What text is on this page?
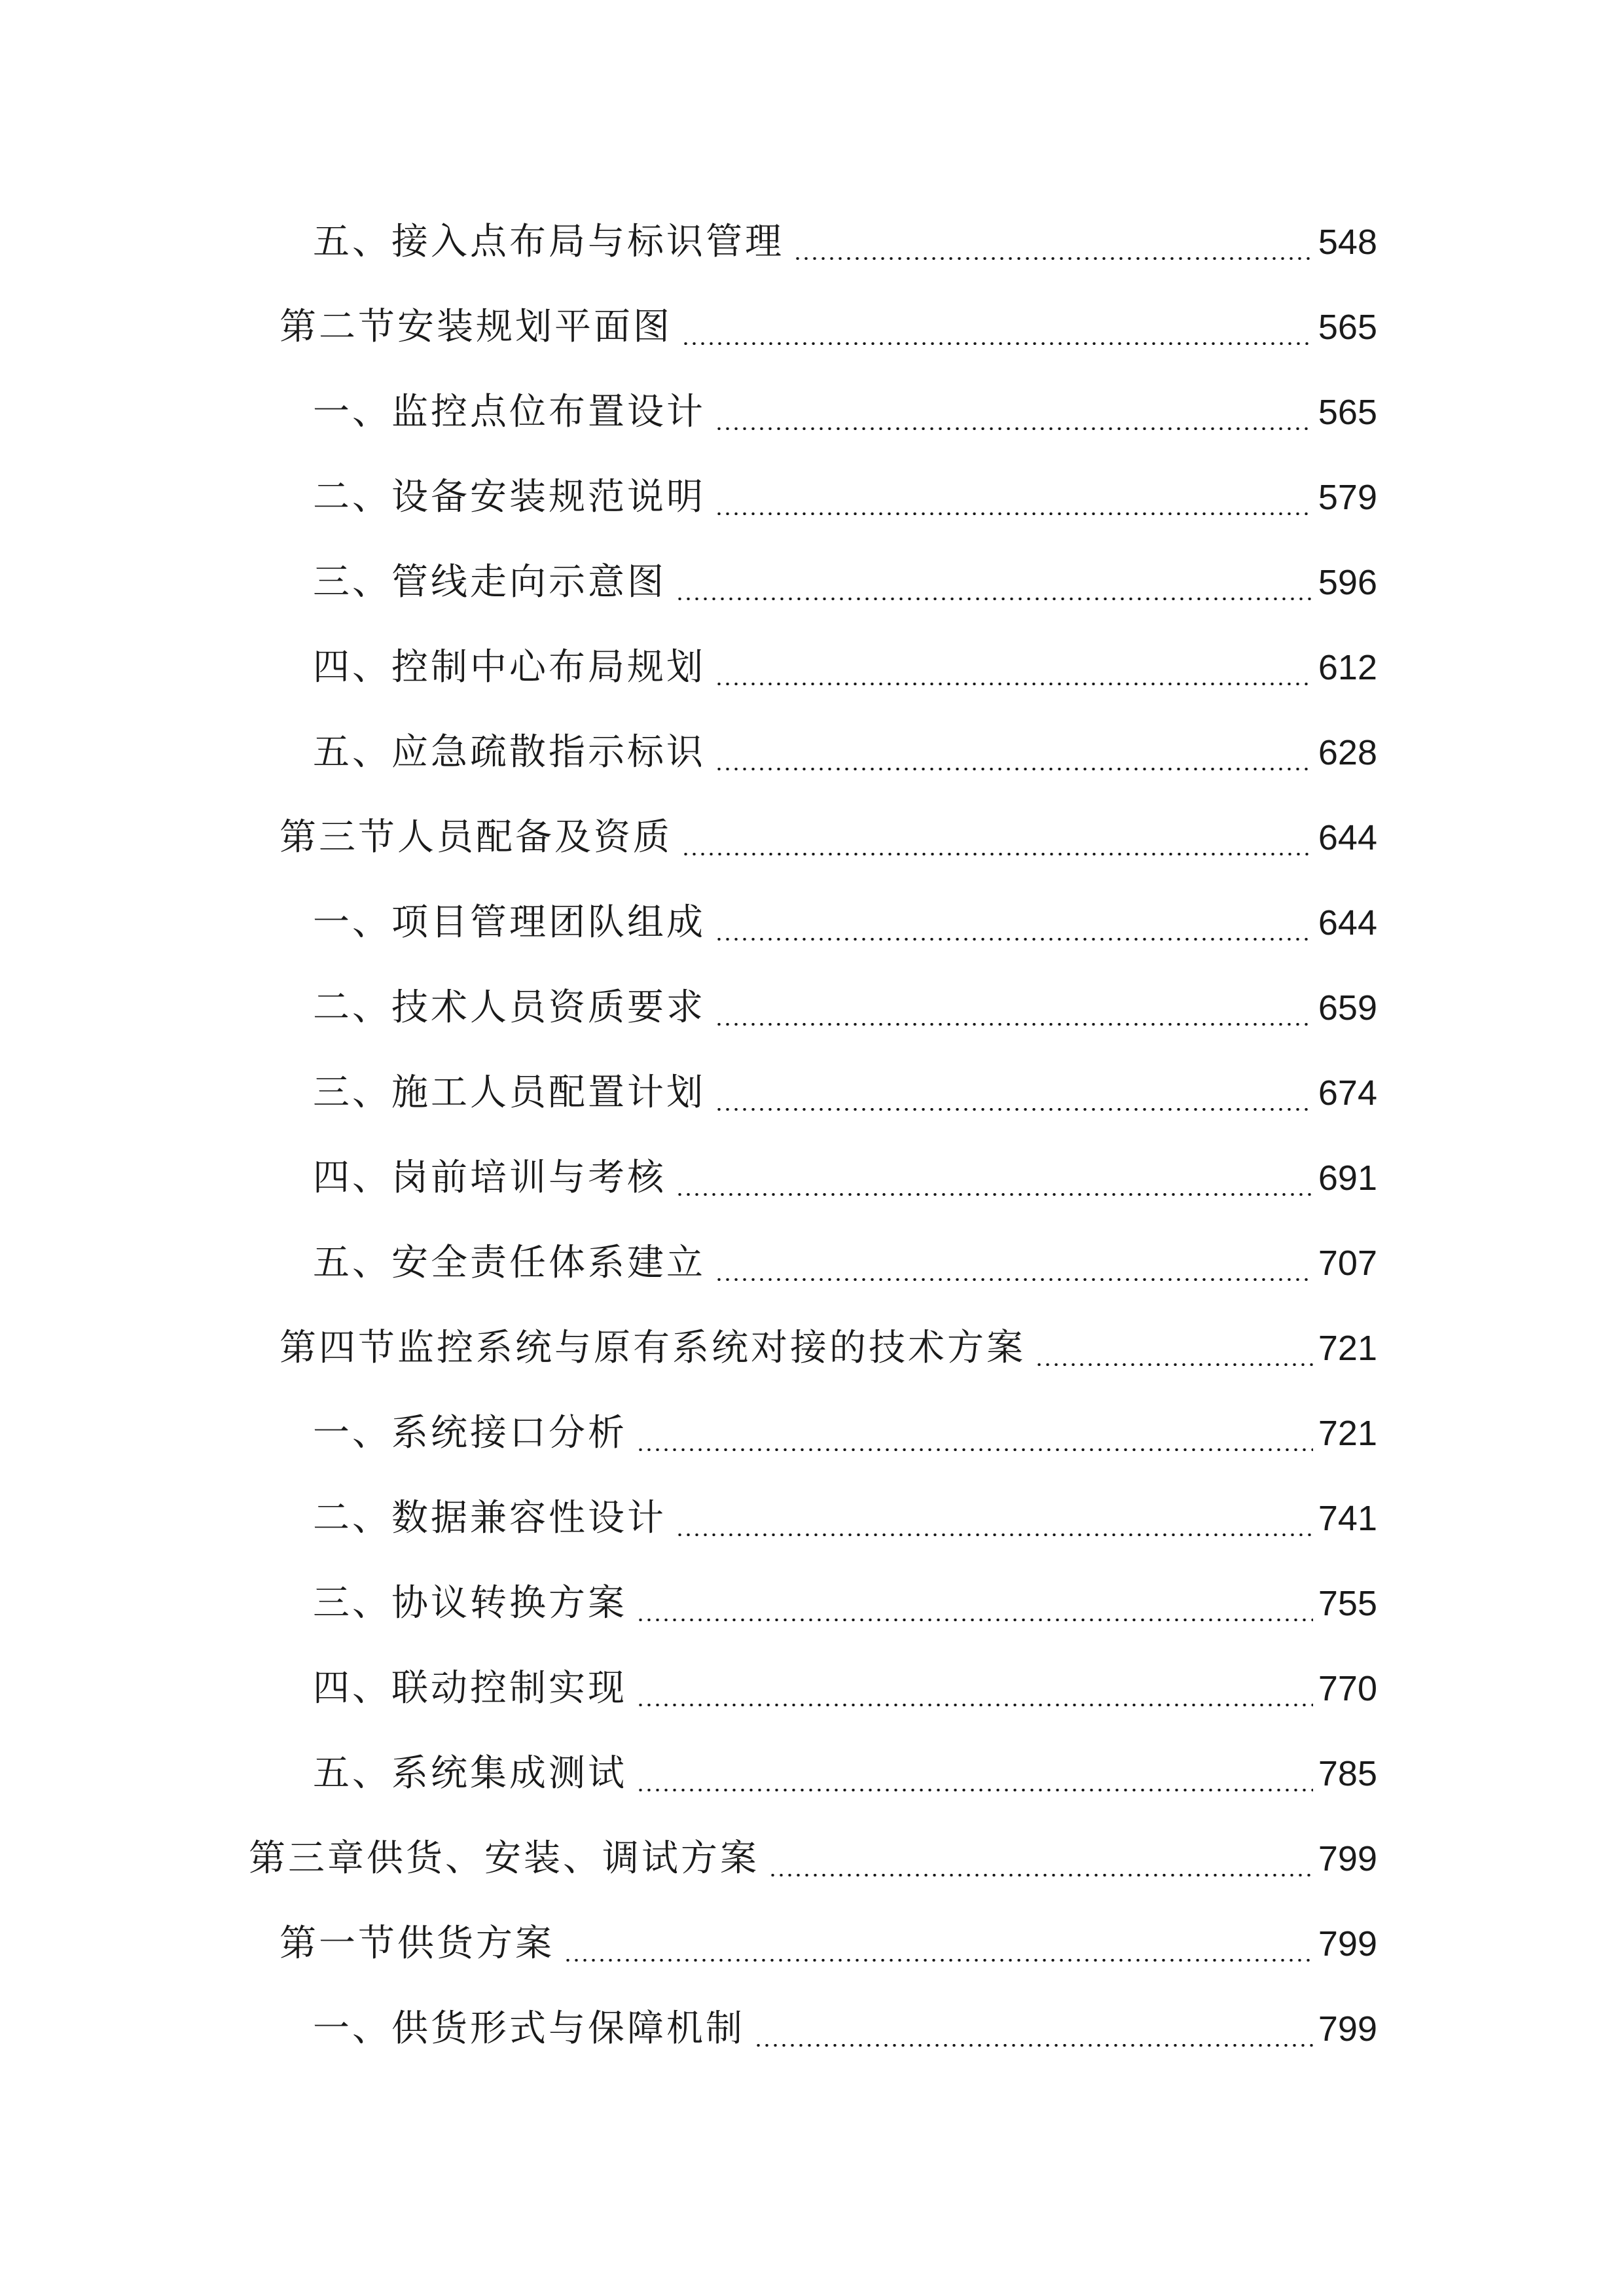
五、接入点布局与标识管理	548
第二节安装规划平面图	565
一、监控点位布置设计	565
二、设备安装规范说明	579
三、管线走向示意图	596
四、控制中心布局规划	612
五、应急疏散指示标识	628
第三节人员配备及资质	644
一、项目管理团队组成	644
二、技术人员资质要求	659
三、施工人员配置计划	674
四、岗前培训与考核	691
五、安全责任体系建立	707
第四节监控系统与原有系统对接的技术方案	721
一、系统接口分析	721
二、数据兼容性设计	741
三、协议转换方案	755
四、联动控制实现	770
五、系统集成测试	785
第三章供货、安装、调试方案	799
第一节供货方案	799
一、供货形式与保障机制	799
